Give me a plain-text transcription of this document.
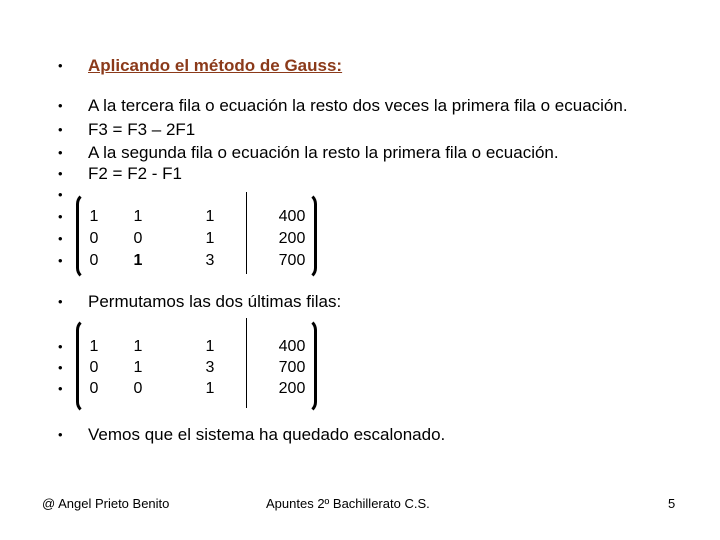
• Aplicando el método de Gauss:
• A la tercera fila o ecuación la resto dos veces la primera fila o ecuación.
• F3 = F3 – 2F1
• A la segunda fila o ecuación la resto la primera fila o ecuación.
• F2 = F2 - F1
•
•
•
•
1	1	1	400
0	0	1	200
0	1	3	700
• Permutamos las dos últimas filas:
•
•
•
1	1	1	400
0	1	3	700
0	0	1	200
• Vemos que el sistema ha quedado escalonado.
@ Angel Prieto Benito	Apuntes 2º Bachillerato C.S.	5
